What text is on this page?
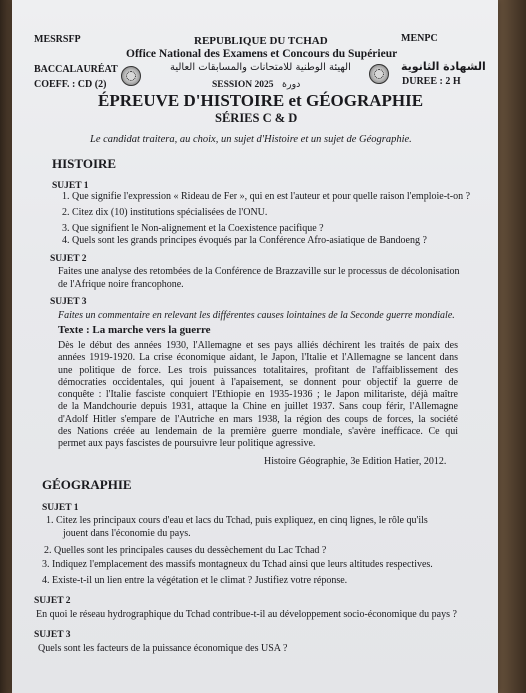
MESRSFP	REPUBLIQUE DU TCHAD	MENPC
Office National des Examens et Concours du Supérieur
الهيئة الوطنية للامتحانات والمسابقات العالية
BACCALAURÉAT	الشهادة الثانوية
COEFF. : CD (2)	SESSION 2025 دورة	DUREE : 2 H
ÉPREUVE D'HISTOIRE et GÉOGRAPHIE
SÉRIES C & D
Le candidat traitera, au choix, un sujet d'Histoire et un sujet de Géographie.
HISTOIRE
SUJET 1
1. Que signifie l'expression « Rideau de Fer », qui en est l'auteur et pour quelle raison l'emploie-t-on ?
2. Citez dix (10) institutions spécialisées de l'ONU.
3. Que signifient le Non-alignement et la Coexistence pacifique ?
4. Quels sont les grands principes évoqués par la Conférence Afro-asiatique de Bandoeng ?
SUJET 2
Faites une analyse des retombées de la Conférence de Brazzaville sur le processus de décolonisation
de l'Afrique noire francophone.
SUJET 3
Faites un commentaire en relevant les différentes causes lointaines de la Seconde guerre mondiale.
Texte : La marche vers la guerre
Dès le début des années 1930, l'Allemagne et ses pays alliés déchirent les traités de paix des
années 1919-1920. La crise économique aidant, le Japon, l'Italie et l'Allemagne se lancent dans
une politique de force. Les trois puissances totalitaires, profitant de l'affaiblissement des
démocraties occidentales, qui jouent à l'apaisement, se donnent pour objectif la guerre de
conquête : l'Italie fasciste conquiert l'Ethiopie en 1935-1936 ; le Japon militariste, déjà maître
de la Mandchourie depuis 1931, attaque la Chine en juillet 1937. Sans coup férir, l'Allemagne
d'Adolf Hitler s'empare de l'Autriche en mars 1938, la région des coups de forces, la société
des Nations créée au lendemain de la première guerre mondiale, s'avère inefficace. Ce qui
permet aux pays fascistes de poursuivre leur politique agressive.
Histoire Géographie, 3e Edition Hatier, 2012.
GÉOGRAPHIE
SUJET 1
1. Citez les principaux cours d'eau et lacs du Tchad, puis expliquez, en cinq lignes, le rôle qu'ils
jouent dans l'économie du pays.
2. Quelles sont les principales causes du dessèchement du Lac Tchad ?
3. Indiquez l'emplacement des massifs montagneux du Tchad ainsi que leurs altitudes respectives.
4. Existe-t-il un lien entre la végétation et le climat ? Justifiez votre réponse.
SUJET 2
En quoi le réseau hydrographique du Tchad contribue-t-il au développement socio-économique du pays ?
SUJET 3
Quels sont les facteurs de la puissance économique des USA ?
